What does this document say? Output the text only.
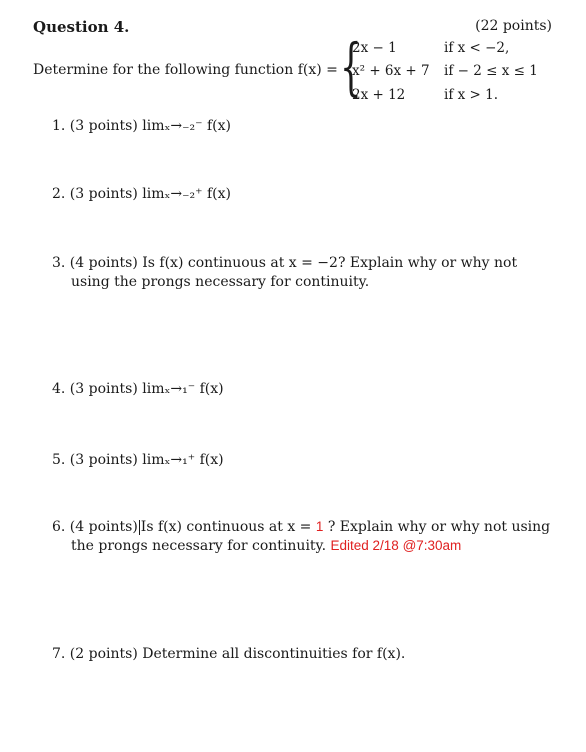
Question 4.	(22 points)
Determine for the following function f(x) = {
2x − 1	if x < −2,
x² + 6x + 7 if − 2 ≤ x ≤ 1
2x + 12	if x > 1.
1. (3 points) limₓ→₋₂⁻ f(x)
2. (3 points) limₓ→₋₂⁺ f(x)
3. (4 points) Is f(x) continuous at x = −2? Explain why or why not
using the prongs necessary for continuity.
4. (3 points) limₓ→₁⁻ f(x)
5. (3 points) limₓ→₁⁺ f(x)
6. (4 points) Is f(x) continuous at x = 1 ? Explain why or why not using
the prongs necessary for continuity. Edited 2/18 @7:30am
7. (2 points) Determine all discontinuities for f(x).
